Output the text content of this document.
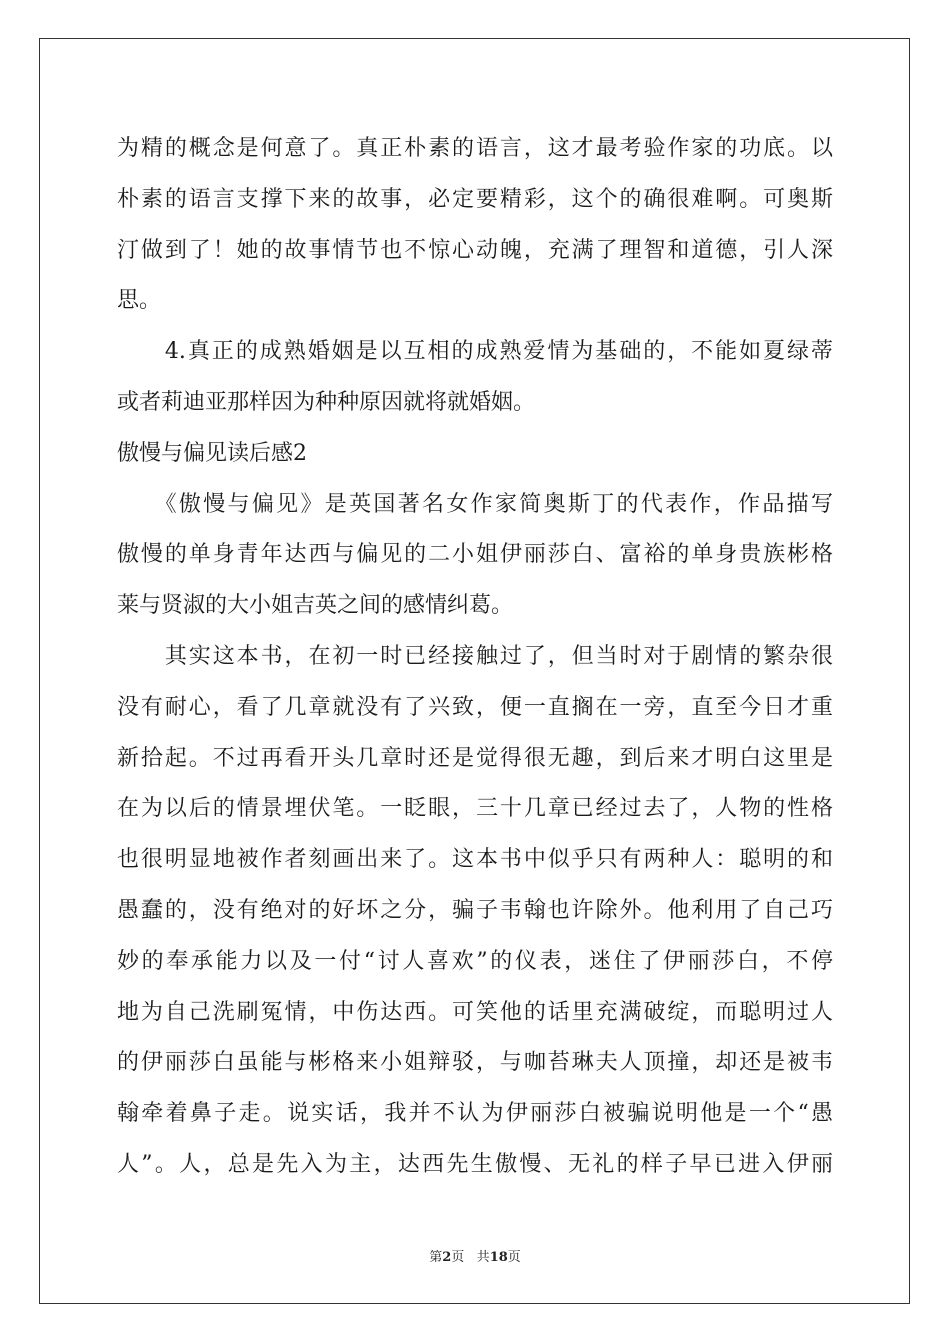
为精的概念是何意了。真正朴素的语言，这才最考验作家的功底。以
朴素的语言支撑下来的故事，必定要精彩，这个的确很难啊。可奥斯
汀做到了！她的故事情节也不惊心动魄，充满了理智和道德，引人深
思。
　　4.真正的成熟婚姻是以互相的成熟爱情为基础的，不能如夏绿蒂
或者莉迪亚那样因为种种原因就将就婚姻。
傲慢与偏见读后感2
　　《傲慢与偏见》是英国著名女作家简奥斯丁的代表作，作品描写
傲慢的单身青年达西与偏见的二小姐伊丽莎白、富裕的单身贵族彬格
莱与贤淑的大小姐吉英之间的感情纠葛。
　　其实这本书，在初一时已经接触过了，但当时对于剧情的繁杂很
没有耐心，看了几章就没有了兴致，便一直搁在一旁，直至今日才重
新拾起。不过再看开头几章时还是觉得很无趣，到后来才明白这里是
在为以后的情景埋伏笔。一眨眼，三十几章已经过去了，人物的性格
也很明显地被作者刻画出来了。这本书中似乎只有两种人：聪明的和
愚蠢的，没有绝对的好坏之分，骗子韦翰也许除外。他利用了自己巧
妙的奉承能力以及一付“讨人喜欢”的仪表，迷住了伊丽莎白，不停
地为自己洗刷冤情，中伤达西。可笑他的话里充满破绽，而聪明过人
的伊丽莎白虽能与彬格来小姐辩驳，与咖苔琳夫人顶撞，却还是被韦
翰牵着鼻子走。说实话，我并不认为伊丽莎白被骗说明他是一个“愚
人”。人，总是先入为主，达西先生傲慢、无礼的样子早已进入伊丽
第2页 共18页
